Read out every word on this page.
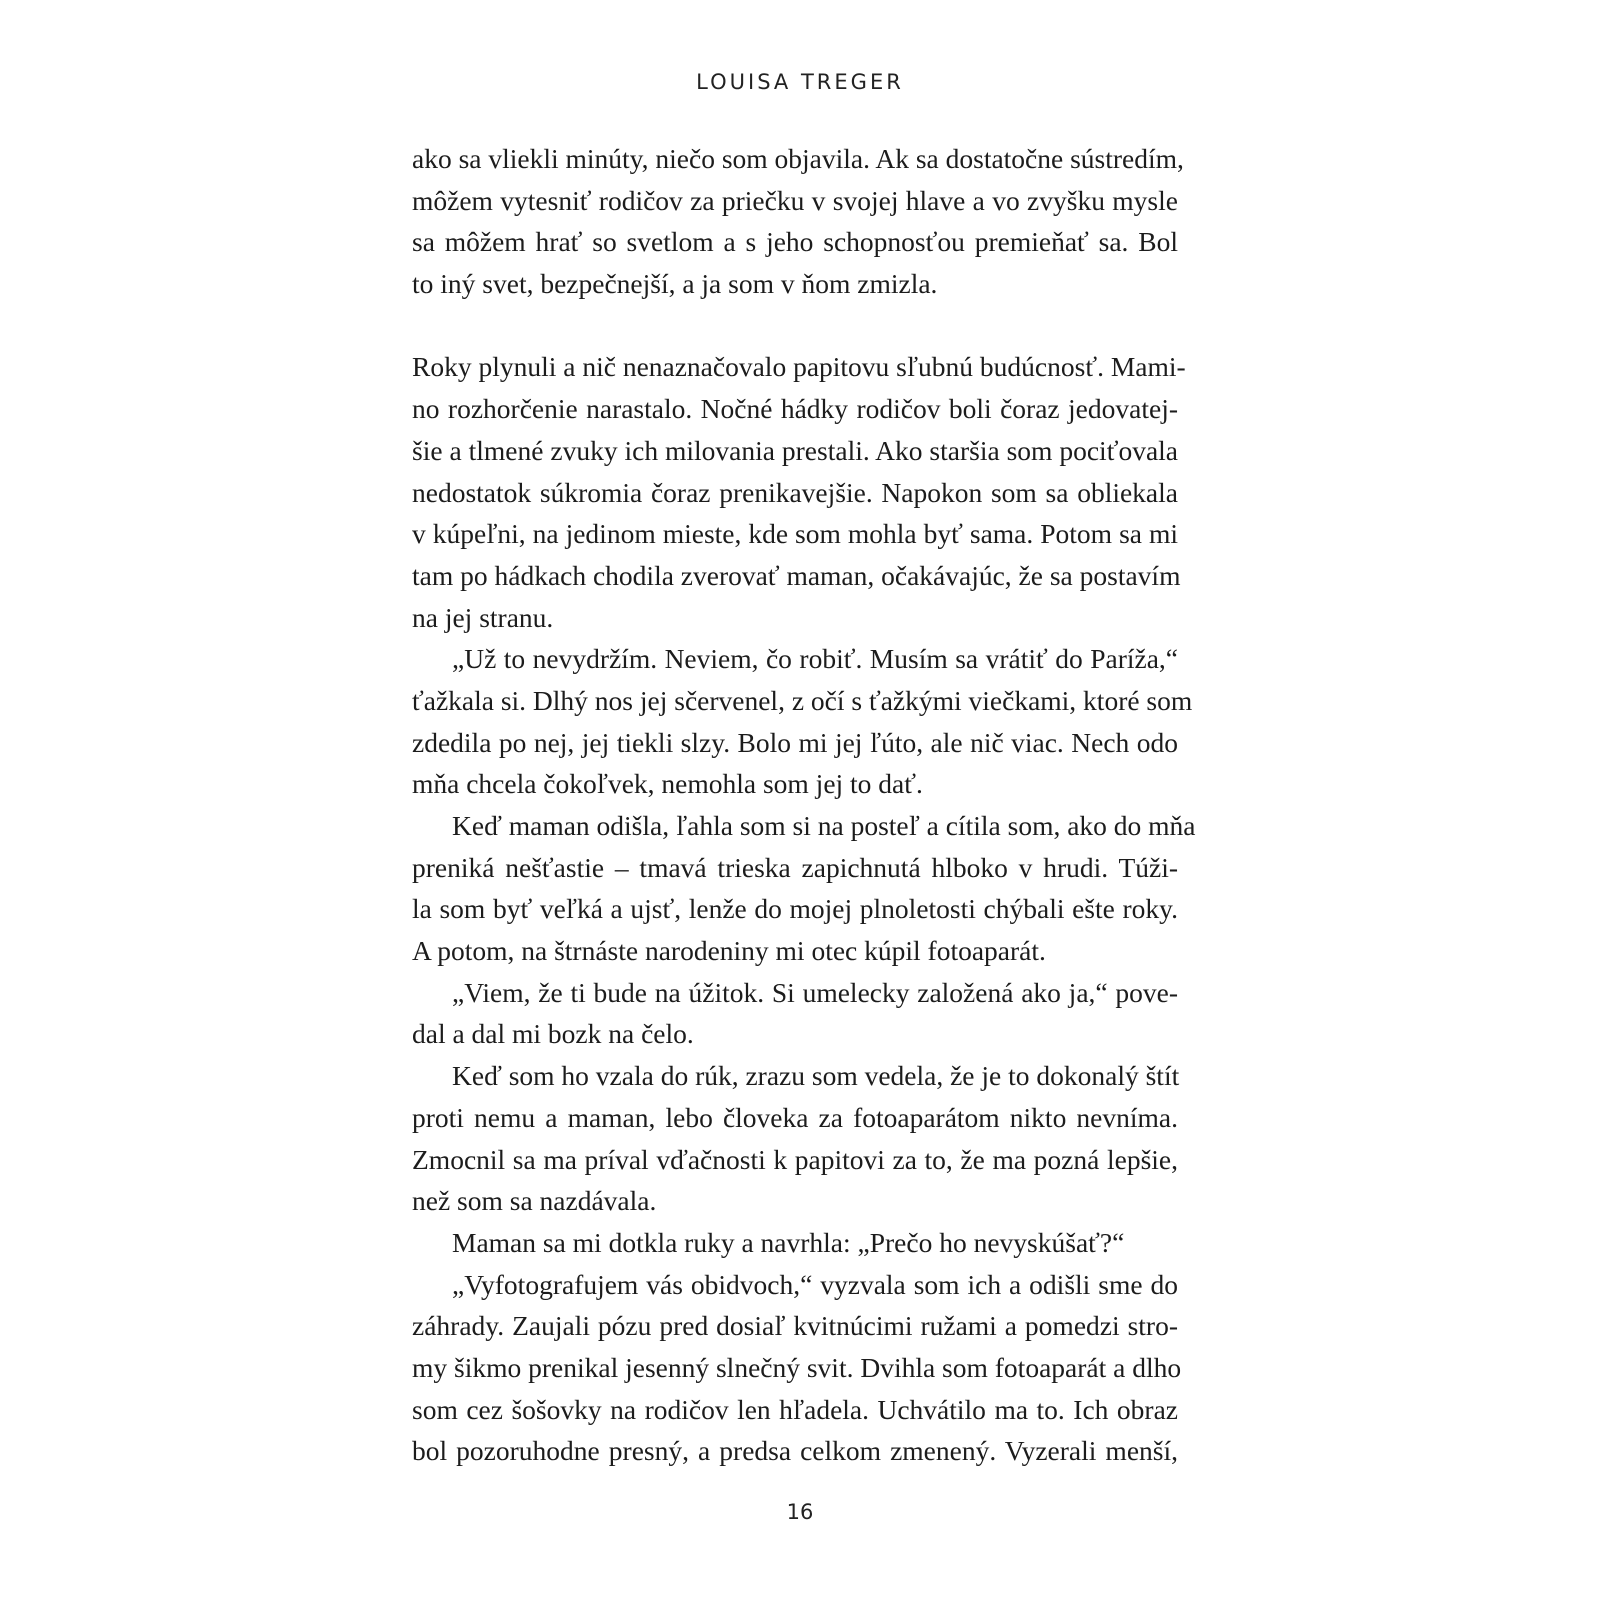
LOUISA TREGER
ako sa vliekli minúty, niečo som objavila. Ak sa dostatočne sústredím,
môžem vytesniť rodičov za priečku v svojej hlave a vo zvyšku mysle
sa môžem hrať so svetlom a s jeho schopnosťou premieňať sa. Bol
to iný svet, bezpečnejší, a ja som v ňom zmizla.
Roky plynuli a nič nenaznačovalo papitovu sľubnú budúcnosť. Mami-
no rozhorčenie narastalo. Nočné hádky rodičov boli čoraz jedovatej-
šie a tlmené zvuky ich milovania prestali. Ako staršia som pociťovala
nedostatok súkromia čoraz prenikavejšie. Napokon som sa obliekala
v kúpeľni, na jedinom mieste, kde som mohla byť sama. Potom sa mi
tam po hádkach chodila zverovať maman, očakávajúc, že sa postavím
na jej stranu.
„Už to nevydržím. Neviem, čo robiť. Musím sa vrátiť do Paríža,“
ťažkala si. Dlhý nos jej sčervenel, z očí s ťažkými viečkami, ktoré som
zdedila po nej, jej tiekli slzy. Bolo mi jej ľúto, ale nič viac. Nech odo
mňa chcela čokoľvek, nemohla som jej to dať.
Keď maman odišla, ľahla som si na posteľ a cítila som, ako do mňa
preniká nešťastie – tmavá trieska zapichnutá hlboko v hrudi. Túži-
la som byť veľká a ujsť, lenže do mojej plnoletosti chýbali ešte roky.
A potom, na štrnáste narodeniny mi otec kúpil fotoaparát.
„Viem, že ti bude na úžitok. Si umelecky založená ako ja,“ pove-
dal a dal mi bozk na čelo.
Keď som ho vzala do rúk, zrazu som vedela, že je to dokonalý štít
proti nemu a maman, lebo človeka za fotoaparátom nikto nevníma.
Zmocnil sa ma príval vďačnosti k papitovi za to, že ma pozná lepšie,
než som sa nazdávala.
Maman sa mi dotkla ruky a navrhla: „Prečo ho nevyskúšať?“
„Vyfotografujem vás obidvoch,“ vyzvala som ich a odišli sme do
záhrady. Zaujali pózu pred dosiaľ kvitnúcimi ružami a pomedzi stro-
my šikmo prenikal jesenný slnečný svit. Dvihla som fotoaparát a dlho
som cez šošovky na rodičov len hľadela. Uchvátilo ma to. Ich obraz
bol pozoruhodne presný, a predsa celkom zmenený. Vyzerali menší,
16
